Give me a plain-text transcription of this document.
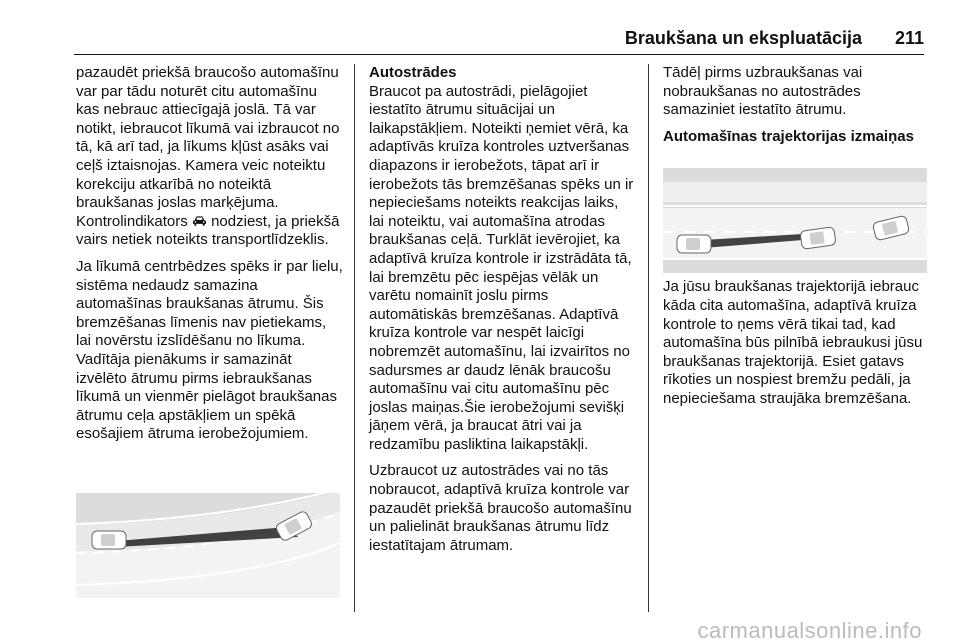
Braukšana un ekspluatācija 211

pazaudēt priekšā braucošo automašīnu var par tādu noturēt citu automašīnu kas nebrauc attiecīgajā joslā. Tā var notikt, iebraucot līkumā vai izbraucot no tā, kā arī tad, ja līkums kļūst asāks vai ceļš iztaisnojas. Kamera veic noteiktu korekciju atkarībā no noteiktā braukšanas joslas marķējuma. Kontrolindikators nodziest, ja priekšā vairs netiek noteikts transportlīdzeklis.

Ja līkumā centrbēdzes spēks ir par lielu, sistēma nedaudz samazina automašīnas braukšanas ātrumu. Šis bremzēšanas līmenis nav pietiekams, lai novērstu izslīdēšanu no līkuma. Vadītāja pienākums ir samazināt izvēlēto ātrumu pirms iebraukšanas līkumā un vienmēr pielāgot braukšanas ātrumu ceļa apstākļiem un spēkā esošajiem ātruma ierobežojumiem.

Autostrādes

Braucot pa autostrādi, pielāgojiet iestatīto ātrumu situācijai un laikapstākļiem. Noteikti ņemiet vērā, ka adaptīvās kruīza kontroles uztveršanas diapazons ir ierobežots, tāpat arī ir ierobežots tās bremzēšanas spēks un ir nepieciešams noteikts reakcijas laiks, lai noteiktu, vai automašīna atrodas braukšanas ceļā. Turklāt ievērojiet, ka adaptīvā kruīza kontrole ir izstrādāta tā, lai bremzētu pēc iespējas vēlāk un varētu nomainīt joslu pirms automātiskās bremzēšanas. Adaptīvā kruīza kontrole var nespēt laicīgi nobremzēt automašīnu, lai izvairītos no sadursmes ar daudz lēnāk braucošu automašīnu vai citu automašīnu pēc joslas maiņas.Šie ierobežojumi sevišķi jāņem vērā, ja braucat ātri vai ja redzamību pasliktina laikapstākļi.

Uzbraucot uz autostrādes vai no tās nobraucot, adaptīvā kruīza kontrole var pazaudēt priekšā braucošo automašīnu un palielināt braukšanas ātrumu līdz iestatītajam ātrumam.

Tādēļ pirms uzbraukšanas vai nobraukšanas no autostrādes samaziniet iestatīto ātrumu.

Automašīnas trajektorijas izmaiņas

Ja jūsu braukšanas trajektorijā iebrauc kāda cita automašīna, adaptīvā kruīza kontrole to ņems vērā tikai tad, kad automašīna būs pilnībā iebraukusi jūsu braukšanas trajektorijā. Esiet gatavs rīkoties un nospiest bremžu pedāli, ja nepieciešama straujāka bremzēšana.

carmanualsonline.info
